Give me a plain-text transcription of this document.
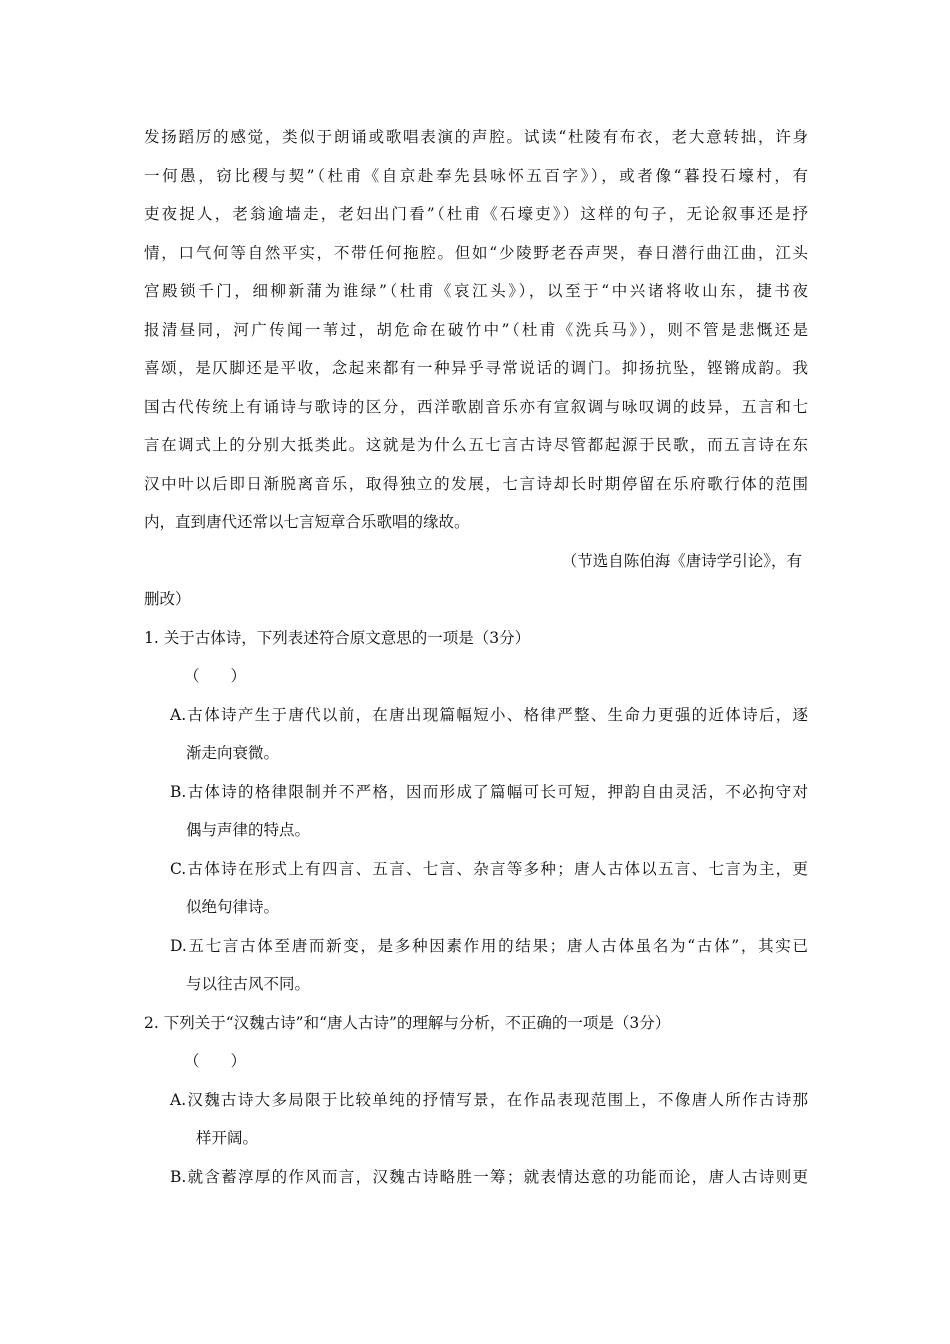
发扬蹈厉的感觉，类似于朗诵或歌唱表演的声腔。试读“杜陵有布衣，老大意转拙，许身
一何愚，窃比稷与契”（杜甫《自京赴奉先县咏怀五百字》），或者像“暮投石壕村，有
吏夜捉人，老翁逾墙走，老妇出门看”（杜甫《石壕吏》）这样的句子，无论叙事还是抒
情，口气何等自然平实，不带任何拖腔。但如“少陵野老吞声哭，春日潜行曲江曲，江头
宫殿锁千门，细柳新蒲为谁绿”（杜甫《哀江头》），以至于“中兴诸将收山东，捷书夜
报清昼同，河广传闻一苇过，胡危命在破竹中”（杜甫《洗兵马》），则不管是悲慨还是
喜颂，是仄脚还是平收，念起来都有一种异乎寻常说话的调门。抑扬抗坠，铿锵成韵。我
国古代传统上有诵诗与歌诗的区分，西洋歌剧音乐亦有宣叙调与咏叹调的歧异，五言和七
言在调式上的分别大抵类此。这就是为什么五七言古诗尽管都起源于民歌，而五言诗在东
汉中叶以后即日渐脱离音乐，取得独立的发展，七言诗却长时期停留在乐府歌行体的范围
内，直到唐代还常以七言短章合乐歌唱的缘故。
（节选自陈伯海《唐诗学引论》，有
删改）
1. 关于古体诗，下列表述符合原文意思的一项是（3分）
（　　）
A.古体诗产生于唐代以前，在唐出现篇幅短小、格律严整、生命力更强的近体诗后，逐
渐走向衰微。
B.古体诗的格律限制并不严格，因而形成了篇幅可长可短，押韵自由灵活，不必拘守对
偶与声律的特点。
C.古体诗在形式上有四言、五言、七言、杂言等多种；唐人古体以五言、七言为主，更
似绝句律诗。
D.五七言古体至唐而新变，是多种因素作用的结果；唐人古体虽名为“古体”，其实已
与以往古风不同。
2. 下列关于“汉魏古诗”和“唐人古诗”的理解与分析，不正确的一项是（3分）
（　　）
A.汉魏古诗大多局限于比较单纯的抒情写景，在作品表现范围上，不像唐人所作古诗那
样开阔。
B.就含蓄淳厚的作风而言，汉魏古诗略胜一筹；就表情达意的功能而论，唐人古诗则更
